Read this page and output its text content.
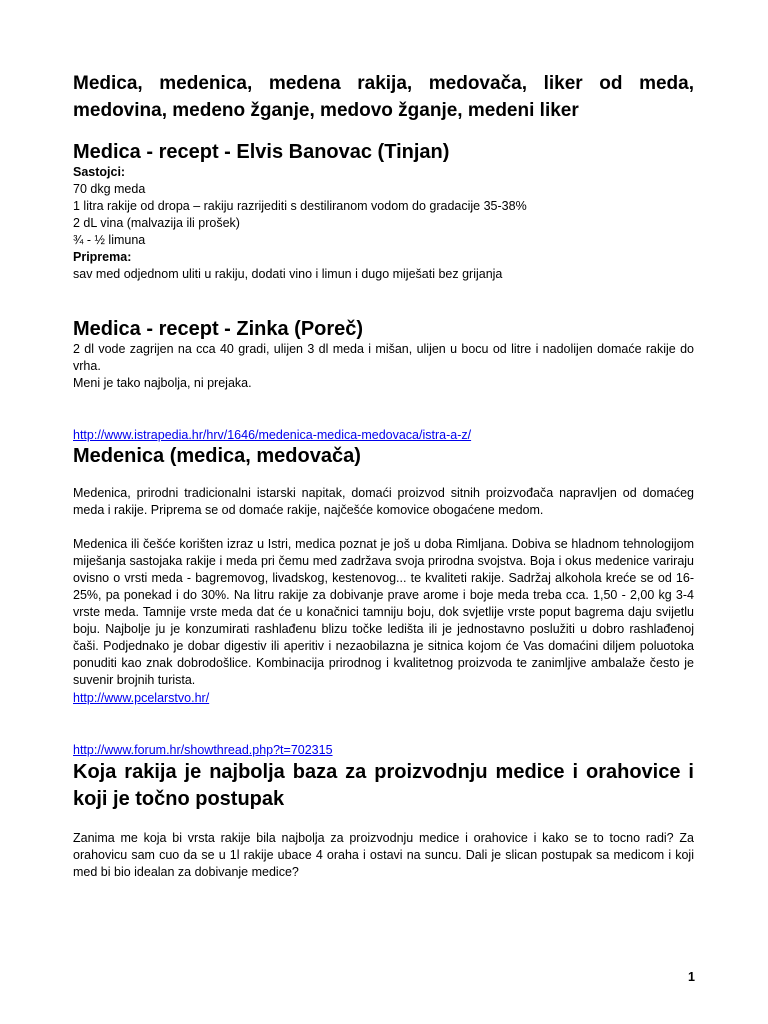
Medica, medenica, medena rakija, medovača, liker od meda, medovina, medeno žganje, medovo žganje, medeni liker
Medica - recept - Elvis Banovac (Tinjan)
Sastojci:
70 dkg meda
1 litra rakije od dropa – rakiju razrijediti s destiliranom vodom do gradacije 35-38%
2 dL vina (malvazija ili prošek)
¾ - ½ limuna
Priprema:
sav med odjednom uliti u rakiju, dodati vino i limun i dugo miješati bez grijanja
Medica - recept - Zinka (Poreč)
2 dl vode zagrijen na cca 40 gradi, ulijen 3 dl meda i mišan, ulijen u bocu od litre i nadolijen domaće rakije do vrha.
Meni je tako najbolja, ni prejaka.
http://www.istrapedia.hr/hrv/1646/medenica-medica-medovaca/istra-a-z/
Medenica (medica, medovača)
Medenica, prirodni tradicionalni istarski napitak, domaći proizvod sitnih proizvođača napravljen od domaćeg meda i rakije. Priprema se od domaće rakije, najčešće komovice obogaćene medom.
Medenica ili češće korišten izraz u Istri, medica poznat je još u doba Rimljana. Dobiva se hladnom tehnologijom miješanja sastojaka rakije i meda pri čemu med zadržava svoja prirodna svojstva. Boja i okus medenice variraju ovisno o vrsti meda - bagremovog, livadskog, kestenovog... te kvaliteti rakije. Sadržaj alkohola kreće se od 16-25%, pa ponekad i do 30%. Na litru rakije za dobivanje prave arome i boje meda treba cca. 1,50 - 2,00 kg 3-4 vrste meda. Tamnije vrste meda dat će u konačnici tamniju boju, dok svjetlije vrste poput bagrema daju svijetlu boju. Najbolje ju je konzumirati rashlađenu blizu točke ledišta ili je jednostavno poslužiti u dobro rashlađenoj čaši. Podjednako je dobar digestiv ili aperitiv i nezaobilazna je sitnica kojom će Vas domaćini diljem poluotoka ponuditi kao znak dobrodošlice. Kombinacija prirodnog i kvalitetnog proizvoda te zanimljive ambalaže često je suvenir brojnih turista.
http://www.pcelarstvo.hr/
http://www.forum.hr/showthread.php?t=702315
Koja rakija je najbolja baza za proizvodnju medice i orahovice i koji je točno postupak
Zanima me koja bi vrsta rakije bila najbolja za proizvodnju medice i orahovice i kako se to tocno radi? Za orahovicu sam cuo da se u 1l rakije ubace 4 oraha i ostavi na suncu. Dali je slican postupak sa medicom i koji med bi bio idealan za dobivanje medice?
1
